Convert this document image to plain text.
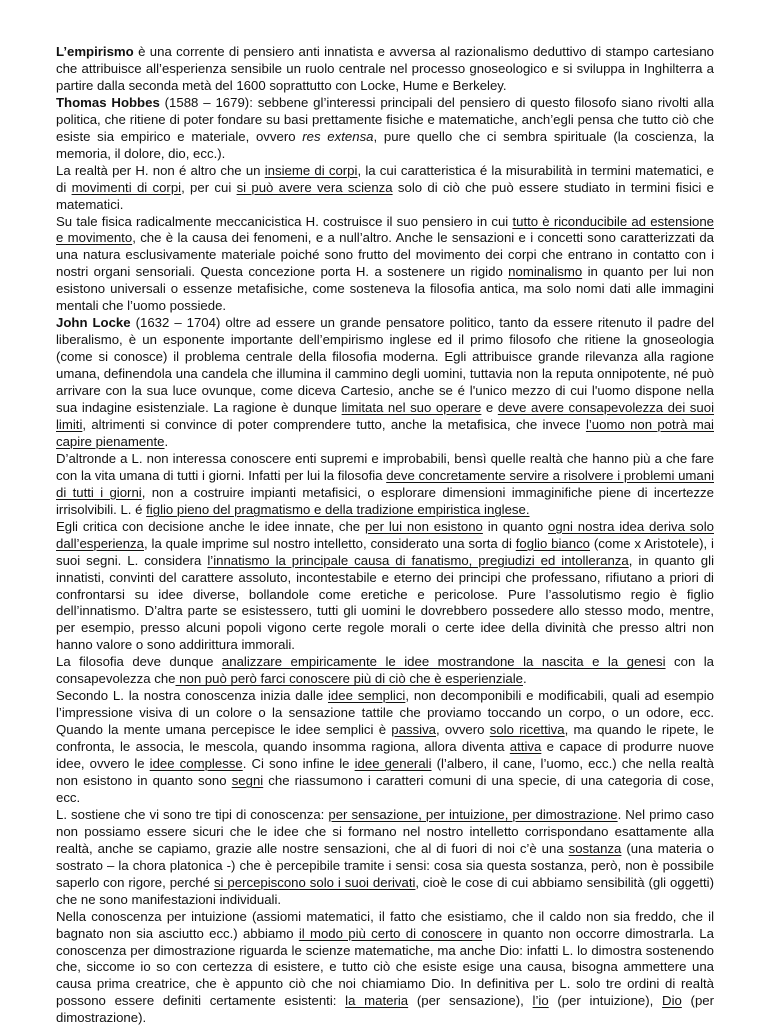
L’empirismo è una corrente di pensiero anti innatista e avversa al razionalismo deduttivo di stampo cartesiano che attribuisce all’esperienza sensibile un ruolo centrale nel processo gnoseologico e si sviluppa in Inghilterra a partire dalla seconda metà del 1600 soprattutto con Locke, Hume e Berkeley.

Thomas Hobbes (1588 – 1679): sebbene gl’interessi principali del pensiero di questo filosofo siano rivolti alla politica, che ritiene di poter fondare su basi prettamente fisiche e matematiche, anch’egli pensa che tutto ciò che esiste sia empirico e materiale, ovvero res extensa, pure quello che ci sembra spirituale (la coscienza, la memoria, il dolore, dio, ecc.).

La realtà per H. non é altro che un insieme di corpi, la cui caratteristica é la misurabilità in termini matematici, e di movimenti di corpi, per cui si può avere vera scienza solo di ciò che può essere studiato in termini fisici e matematici.

Su tale fisica radicalmente meccanicistica H. costruisce il suo pensiero in cui tutto è riconducibile ad estensione e movimento, che è la causa dei fenomeni, e a null’altro. Anche le sensazioni e i concetti sono caratterizzati da una natura esclusivamente materiale poiché sono frutto del movimento dei corpi che entrano in contatto con i nostri organi sensoriali. Questa concezione porta H. a sostenere un rigido nominalismo in quanto per lui non esistono universali o essenze metafisiche, come sosteneva la filosofia antica, ma solo nomi dati alle immagini mentali che l’uomo possiede.

John Locke (1632 – 1704) oltre ad essere un grande pensatore politico, tanto da essere ritenuto il padre del liberalismo, è un esponente importante dell’empirismo inglese ed il primo filosofo che ritiene la gnoseologia (come si conosce) il problema centrale della filosofia moderna. Egli attribuisce grande rilevanza alla ragione umana, definendola una candela che illumina il cammino degli uomini, tuttavia non la reputa onnipotente, né può arrivare con la sua luce ovunque, come diceva Cartesio, anche se é l'unico mezzo di cui l'uomo dispone nella sua indagine esistenziale. La ragione è dunque limitata nel suo operare e deve avere consapevolezza dei suoi limiti, altrimenti si convince di poter comprendere tutto, anche la metafisica, che invece l’uomo non potrà mai capire pienamente.

D’altronde a L. non interessa conoscere enti supremi e improbabili, bensì quelle realtà che hanno più a che fare con la vita umana di tutti i giorni. Infatti per lui la filosofia deve concretamente servire a risolvere i problemi umani di tutti i giorni, non a costruire impianti metafisici, o esplorare dimensioni immaginifiche piene di incertezze irrisolvibili. L. é figlio pieno del pragmatismo e della tradizione empiristica inglese.

Egli critica con decisione anche le idee innate, che per lui non esistono in quanto ogni nostra idea deriva solo dall’esperienza, la quale imprime sul nostro intelletto, considerato una sorta di foglio bianco (come x Aristotele), i suoi segni. L. considera l’innatismo la principale causa di fanatismo, pregiudizi ed intolleranza, in quanto gli innatisti, convinti del carattere assoluto, incontestabile e eterno dei principi che professano, rifiutano a priori di confrontarsi su idee diverse, bollandole come eretiche e pericolose. Pure l’assolutismo regio è figlio dell’innatismo. D’altra parte se esistessero, tutti gli uomini le dovrebbero possedere allo stesso modo, mentre, per esempio, presso alcuni popoli vigono certe regole morali o certe idee della divinità che presso altri non hanno valore o sono addirittura immorali.

La filosofia deve dunque analizzare empiricamente le idee mostrandone la nascita e la genesi con la consapevolezza che non può però farci conoscere più di ciò che è esperienziale.

Secondo L. la nostra conoscenza inizia dalle idee semplici, non decomponibili e modificabili, quali ad esempio l’impressione visiva di un colore o la sensazione tattile che proviamo toccando un corpo, o un odore, ecc. Quando la mente umana percepisce le idee semplici è passiva, ovvero solo ricettiva, ma quando le ripete, le confronta, le associa, le mescola, quando insomma ragiona, allora diventa attiva e capace di produrre nuove idee, ovvero le idee complesse. Ci sono infine le idee generali (l’albero, il cane, l’uomo, ecc.) che nella realtà non esistono in quanto sono segni che riassumono i caratteri comuni di una specie, di una categoria di cose, ecc.

L. sostiene che vi sono tre tipi di conoscenza: per sensazione, per intuizione, per dimostrazione. Nel primo caso non possiamo essere sicuri che le idee che si formano nel nostro intelletto corrispondano esattamente alla realtà, anche se capiamo, grazie alle nostre sensazioni, che al di fuori di noi c’è una sostanza (una materia o sostrato – la chora platonica -) che è percepibile tramite i sensi: cosa sia questa sostanza, però, non è possibile saperlo con rigore, perché si percepiscono solo i suoi derivati, cioè le cose di cui abbiamo sensibilità (gli oggetti) che ne sono manifestazioni individuali.

Nella conoscenza per intuizione (assiomi matematici, il fatto che esistiamo, che il caldo non sia freddo, che il bagnato non sia asciutto ecc.) abbiamo il modo più certo di conoscere in quanto non occorre dimostrarla. La conoscenza per dimostrazione riguarda le scienze matematiche, ma anche Dio: infatti L. lo dimostra sostenendo che, siccome io so con certezza di esistere, e tutto ciò che esiste esige una causa, bisogna ammettere una causa prima creatrice, che è appunto ciò che noi chiamiamo Dio. In definitiva per L. solo tre ordini di realtà possono essere definiti certamente esistenti: la materia (per sensazione), l’io (per intuizione), Dio (per dimostrazione).
